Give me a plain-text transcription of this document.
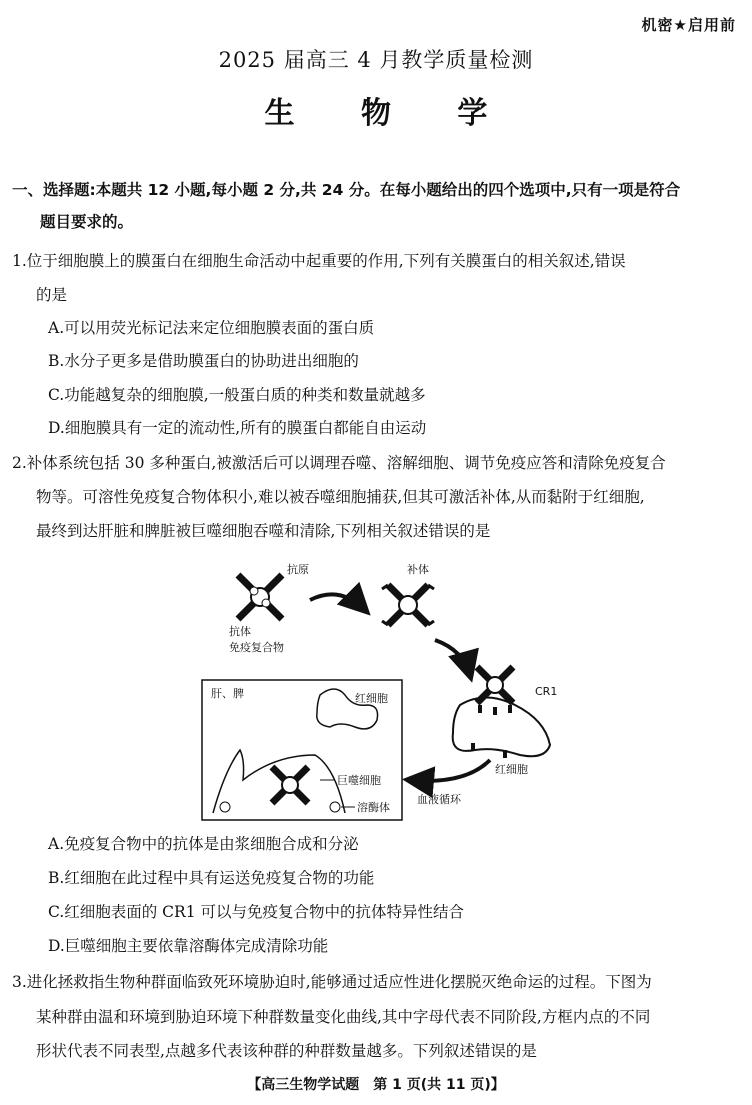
机密★启用前
2025 届高三 4 月教学质量检测
生 物 学
一、选择题:本题共 12 小题,每小题 2 分,共 24 分。在每小题给出的四个选项中,只有一项是符合
题目要求的。
1.位于细胞膜上的膜蛋白在细胞生命活动中起重要的作用,下列有关膜蛋白的相关叙述,错误
的是
A.可以用荧光标记法来定位细胞膜表面的蛋白质
B.水分子更多是借助膜蛋白的协助进出细胞的
C.功能越复杂的细胞膜,一般蛋白质的种类和数量就越多
D.细胞膜具有一定的流动性,所有的膜蛋白都能自由运动
2.补体系统包括 30 多种蛋白,被激活后可以调理吞噬、溶解细胞、调节免疫应答和清除免疫复合
物等。可溶性免疫复合物体积小,难以被吞噬细胞捕获,但其可激活补体,从而黏附于红细胞,
最终到达肝脏和脾脏被巨噬细胞吞噬和清除,下列相关叙述错误的是
抗原
抗体
免疫复合物
补体
CR1
红细胞
血液循环
肝、脾	红细胞
巨噬细胞
溶酶体
A.免疫复合物中的抗体是由浆细胞合成和分泌
B.红细胞在此过程中具有运送免疫复合物的功能
C.红细胞表面的 CR1 可以与免疫复合物中的抗体特异性结合
D.巨噬细胞主要依靠溶酶体完成清除功能
3.进化拯救指生物种群面临致死环境胁迫时,能够通过适应性进化摆脱灭绝命运的过程。下图为
某种群由温和环境到胁迫环境下种群数量变化曲线,其中字母代表不同阶段,方框内点的不同
形状代表不同表型,点越多代表该种群的种群数量越多。下列叙述错误的是
【高三生物学试题　第 1 页(共 11 页)】
